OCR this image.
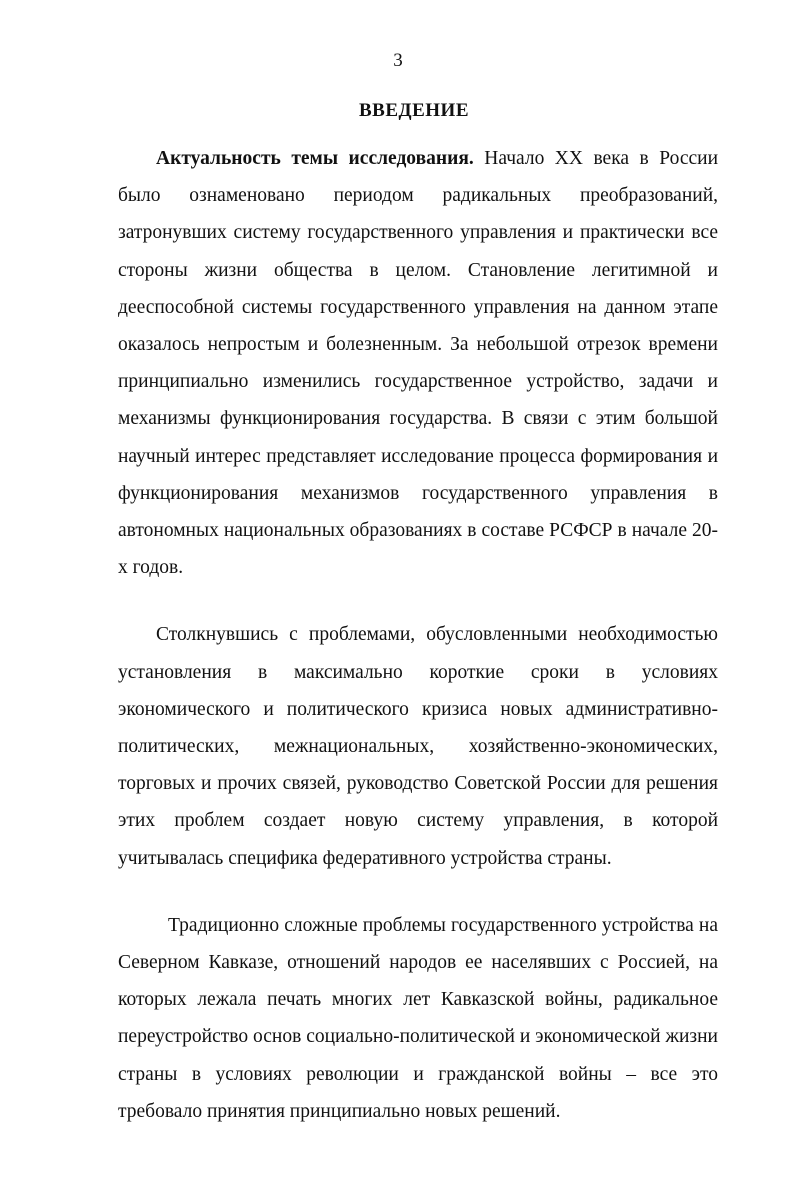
3
ВВЕДЕНИЕ

Актуальность темы исследования. Начало XX века в России было ознаменовано периодом радикальных преобразований, затронувших систему государственного управления и практически все стороны жизни общества в целом. Становление легитимной и дееспособной системы государственного управления на данном этапе оказалось непростым и болезненным. За небольшой отрезок времени принципиально изменились государственное устройство, задачи и механизмы функционирования государства. В связи с этим большой научный интерес представляет исследование процесса формирования и функционирования механизмов государственного управления в автономных национальных образованиях в составе РСФСР в начале 20-х годов.

Столкнувшись с проблемами, обусловленными необходимостью установления в максимально короткие сроки в условиях экономического и политического кризиса новых административно-политических, межнациональных, хозяйственно-экономических, торговых и прочих связей, руководство Советской России для решения этих проблем создает новую систему управления, в которой учитывалась специфика федеративного устройства страны.

Традиционно сложные проблемы государственного устройства на Северном Кавказе, отношений народов ее населявших с Россией, на которых лежала печать многих лет Кавказской войны, радикальное переустройство основ социально-политической и экономической жизни страны в условиях революции и гражданской войны – все это требовало принятия принципиально новых решений.
